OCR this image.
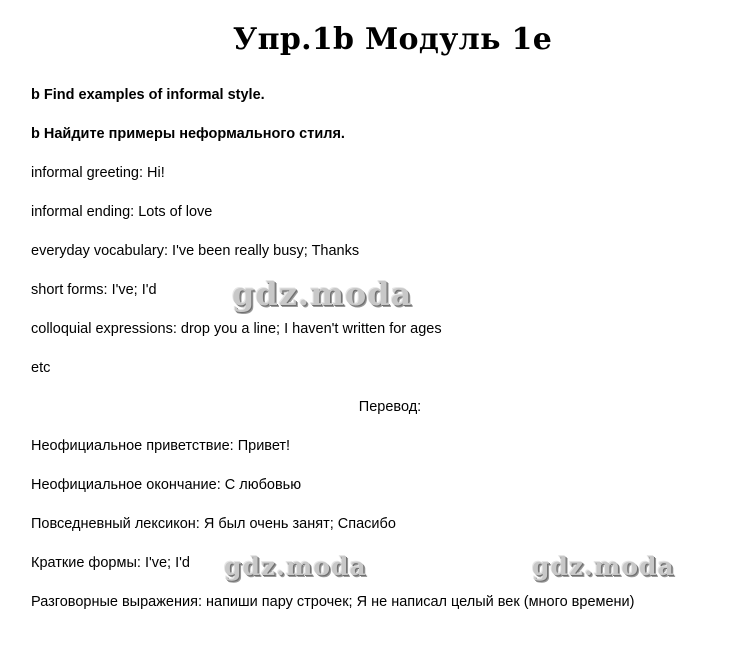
Упр.1b Модуль 1е
b Find examples of informal style.
b Найдите примеры неформального стиля.
informal greeting: Hi!
informal ending: Lots of love
everyday vocabulary: I've been really busy; Thanks
short forms: I've; I'd
colloquial expressions: drop you a line; I haven't written for ages
etc
Перевод:
Неофициальное приветствие: Привет!
Неофициальное окончание: С любовью
Повседневный лексикон: Я был очень занят; Спасибо
Краткие формы: I've; I'd
Разговорные выражения: напиши пару строчек; Я не написал целый век (много времени)
gdz.moda
gdz.moda	gdz.moda
